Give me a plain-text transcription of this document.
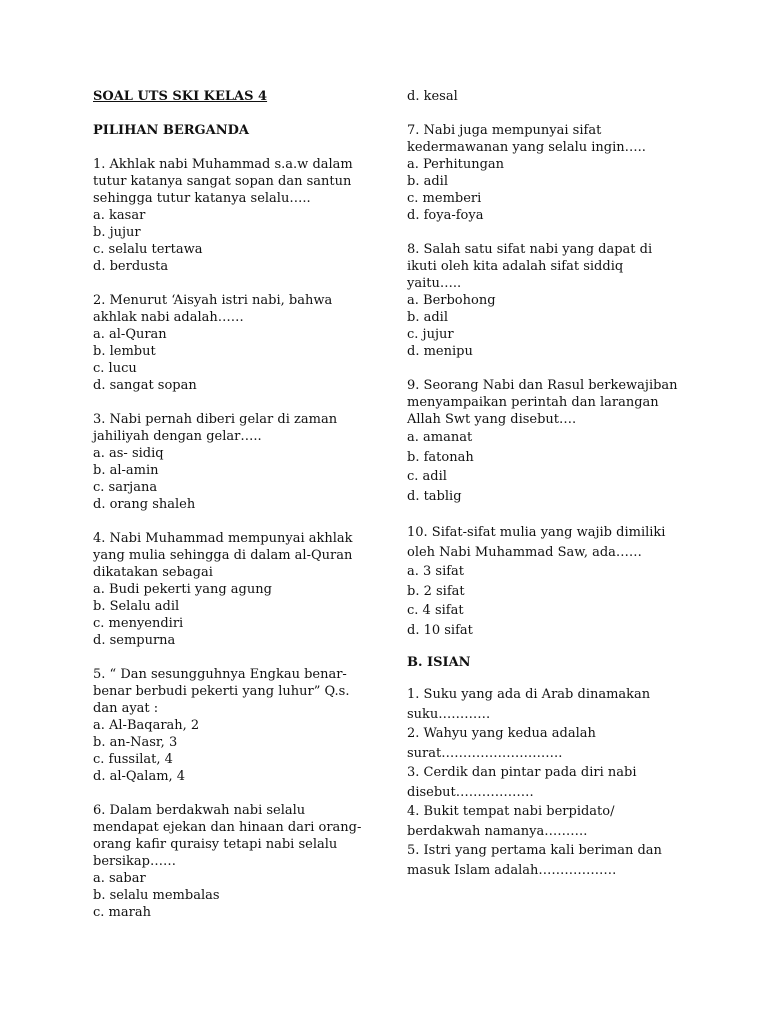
SOAL UTS SKI KELAS 4
PILIHAN BERGANDA
1. Akhlak nabi Muhammad s.a.w dalam
tutur katanya sangat sopan dan santun
sehingga tutur katanya selalu…..
a. kasar
b. jujur
c. selalu tertawa
d. berdusta
2. Menurut ‘Aisyah istri nabi, bahwa
akhlak nabi adalah……
a. al-Quran
b. lembut
c. lucu
d. sangat sopan
3. Nabi pernah diberi gelar di zaman
jahiliyah dengan gelar…..
a. as- sidiq
b. al-amin
c. sarjana
d. orang shaleh
4. Nabi Muhammad mempunyai akhlak
yang mulia sehingga di dalam al-Quran
dikatakan sebagai
a. Budi pekerti yang agung
b. Selalu adil
c. menyendiri
d. sempurna
5. “ Dan sesungguhnya Engkau benar-
benar berbudi pekerti yang luhur” Q.s.
dan ayat :
a. Al-Baqarah, 2
b. an-Nasr, 3
c. fussilat, 4
d. al-Qalam, 4
6. Dalam berdakwah nabi selalu
mendapat ejekan dan hinaan dari orang-
orang kafir quraisy tetapi nabi selalu
bersikap……
a. sabar
b. selalu membalas
c. marah
d. kesal
7. Nabi juga mempunyai sifat
kedermawanan yang selalu ingin…..
a. Perhitungan
b. adil
c. memberi
d. foya-foya
8. Salah satu sifat nabi yang dapat di
ikuti oleh kita adalah sifat siddiq
yaitu…..
a. Berbohong
b. adil
c. jujur
d. menipu
9. Seorang Nabi dan Rasul berkewajiban
menyampaikan perintah dan larangan
Allah Swt yang disebut….
a. amanat
b. fatonah
c. adil
d. tablig
10. Sifat-sifat mulia yang wajib dimiliki
oleh Nabi Muhammad Saw, ada……
a. 3 sifat
b. 2 sifat
c. 4 sifat
d. 10 sifat
B. ISIAN
1. Suku yang ada di Arab dinamakan
suku…………
2. Wahyu yang kedua adalah
surat……………………….
3. Cerdik dan pintar pada diri nabi
disebut………………
4. Bukit tempat nabi berpidato/
berdakwah namanya……….
5. Istri yang pertama kali beriman dan
masuk Islam adalah………………
